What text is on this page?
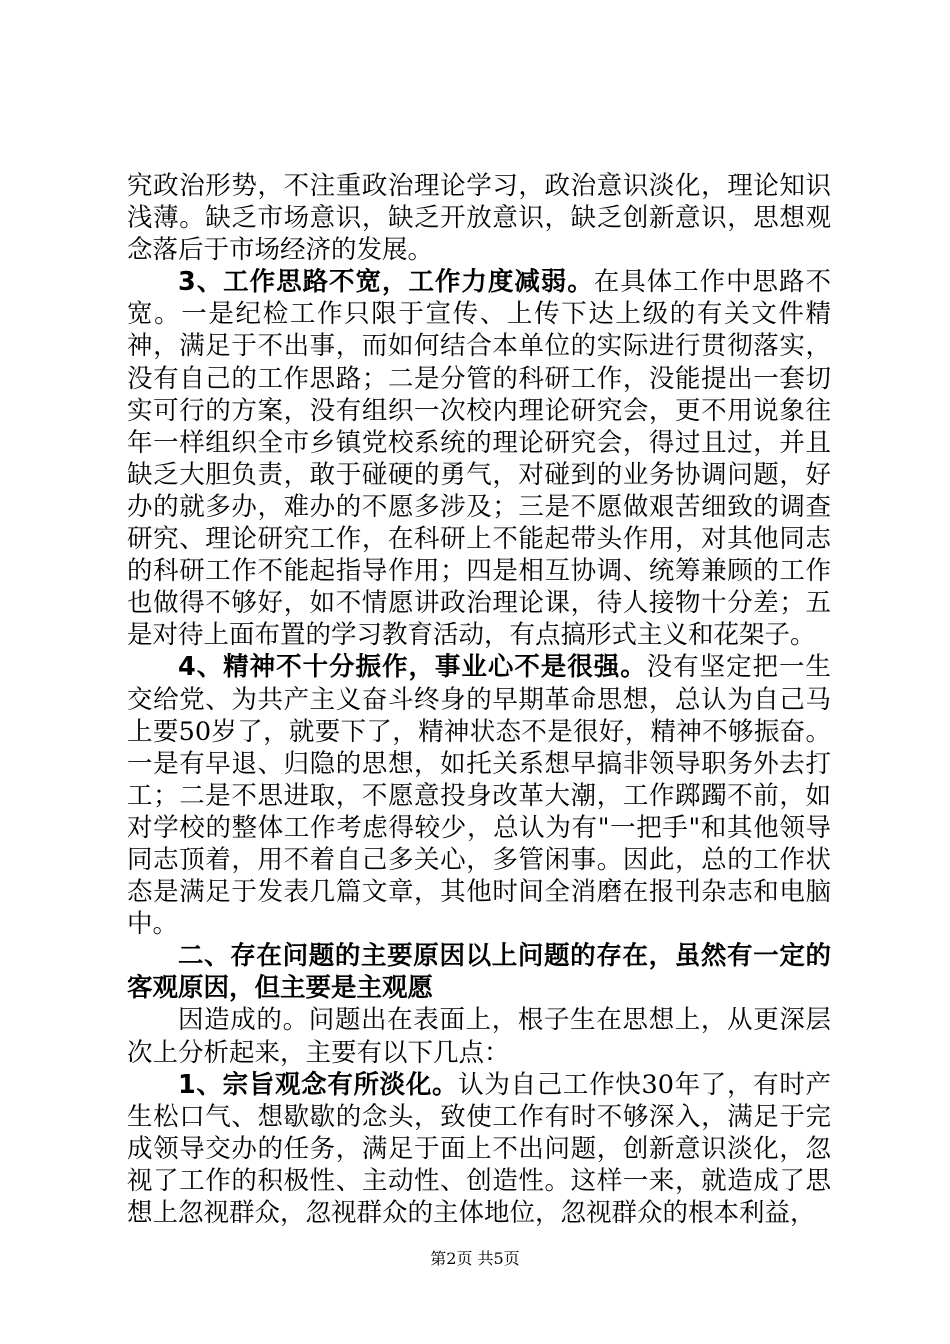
究政治形势，不注重政治理论学习，政治意识淡化，理论知识浅薄。缺乏市场意识，缺乏开放意识，缺乏创新意识，思想观念落后于市场经济的发展。

3、工作思路不宽，工作力度减弱。在具体工作中思路不宽。一是纪检工作只限于宣传、上传下达上级的有关文件精神，满足于不出事，而如何结合本单位的实际进行贯彻落实，没有自己的工作思路；二是分管的科研工作，没能提出一套切实可行的方案，没有组织一次校内理论研究会，更不用说象往年一样组织全市乡镇党校系统的理论研究会，得过且过，并且缺乏大胆负责，敢于碰硬的勇气，对碰到的业务协调问题，好办的就多办，难办的不愿多涉及；三是不愿做艰苦细致的调查研究、理论研究工作，在科研上不能起带头作用，对其他同志的科研工作不能起指导作用；四是相互协调、统筹兼顾的工作也做得不够好，如不情愿讲政治理论课，待人接物十分差；五是对待上面布置的学习教育活动，有点搞形式主义和花架子。

4、精神不十分振作，事业心不是很强。没有坚定把一生交给党、为共产主义奋斗终身的早期革命思想，总认为自己马上要50岁了，就要下了，精神状态不是很好，精神不够振奋。一是有早退、归隐的思想，如托关系想早搞非领导职务外去打工；二是不思进取，不愿意投身改革大潮，工作踯躅不前，如对学校的整体工作考虑得较少，总认为有"一把手"和其他领导同志顶着，用不着自己多关心，多管闲事。因此，总的工作状态是满足于发表几篇文章，其他时间全消磨在报刊杂志和电脑中。

二、存在问题的主要原因以上问题的存在，虽然有一定的客观原因，但主要是主观愿

因造成的。问题出在表面上，根子生在思想上，从更深层次上分析起来，主要有以下几点：

1、宗旨观念有所淡化。认为自己工作快30年了，有时产生松口气、想歇歇的念头，致使工作有时不够深入，满足于完成领导交办的任务，满足于面上不出问题，创新意识淡化，忽视了工作的积极性、主动性、创造性。这样一来，就造成了思想上忽视群众，忽视群众的主体地位，忽视群众的根本利益，

第2页 共5页
